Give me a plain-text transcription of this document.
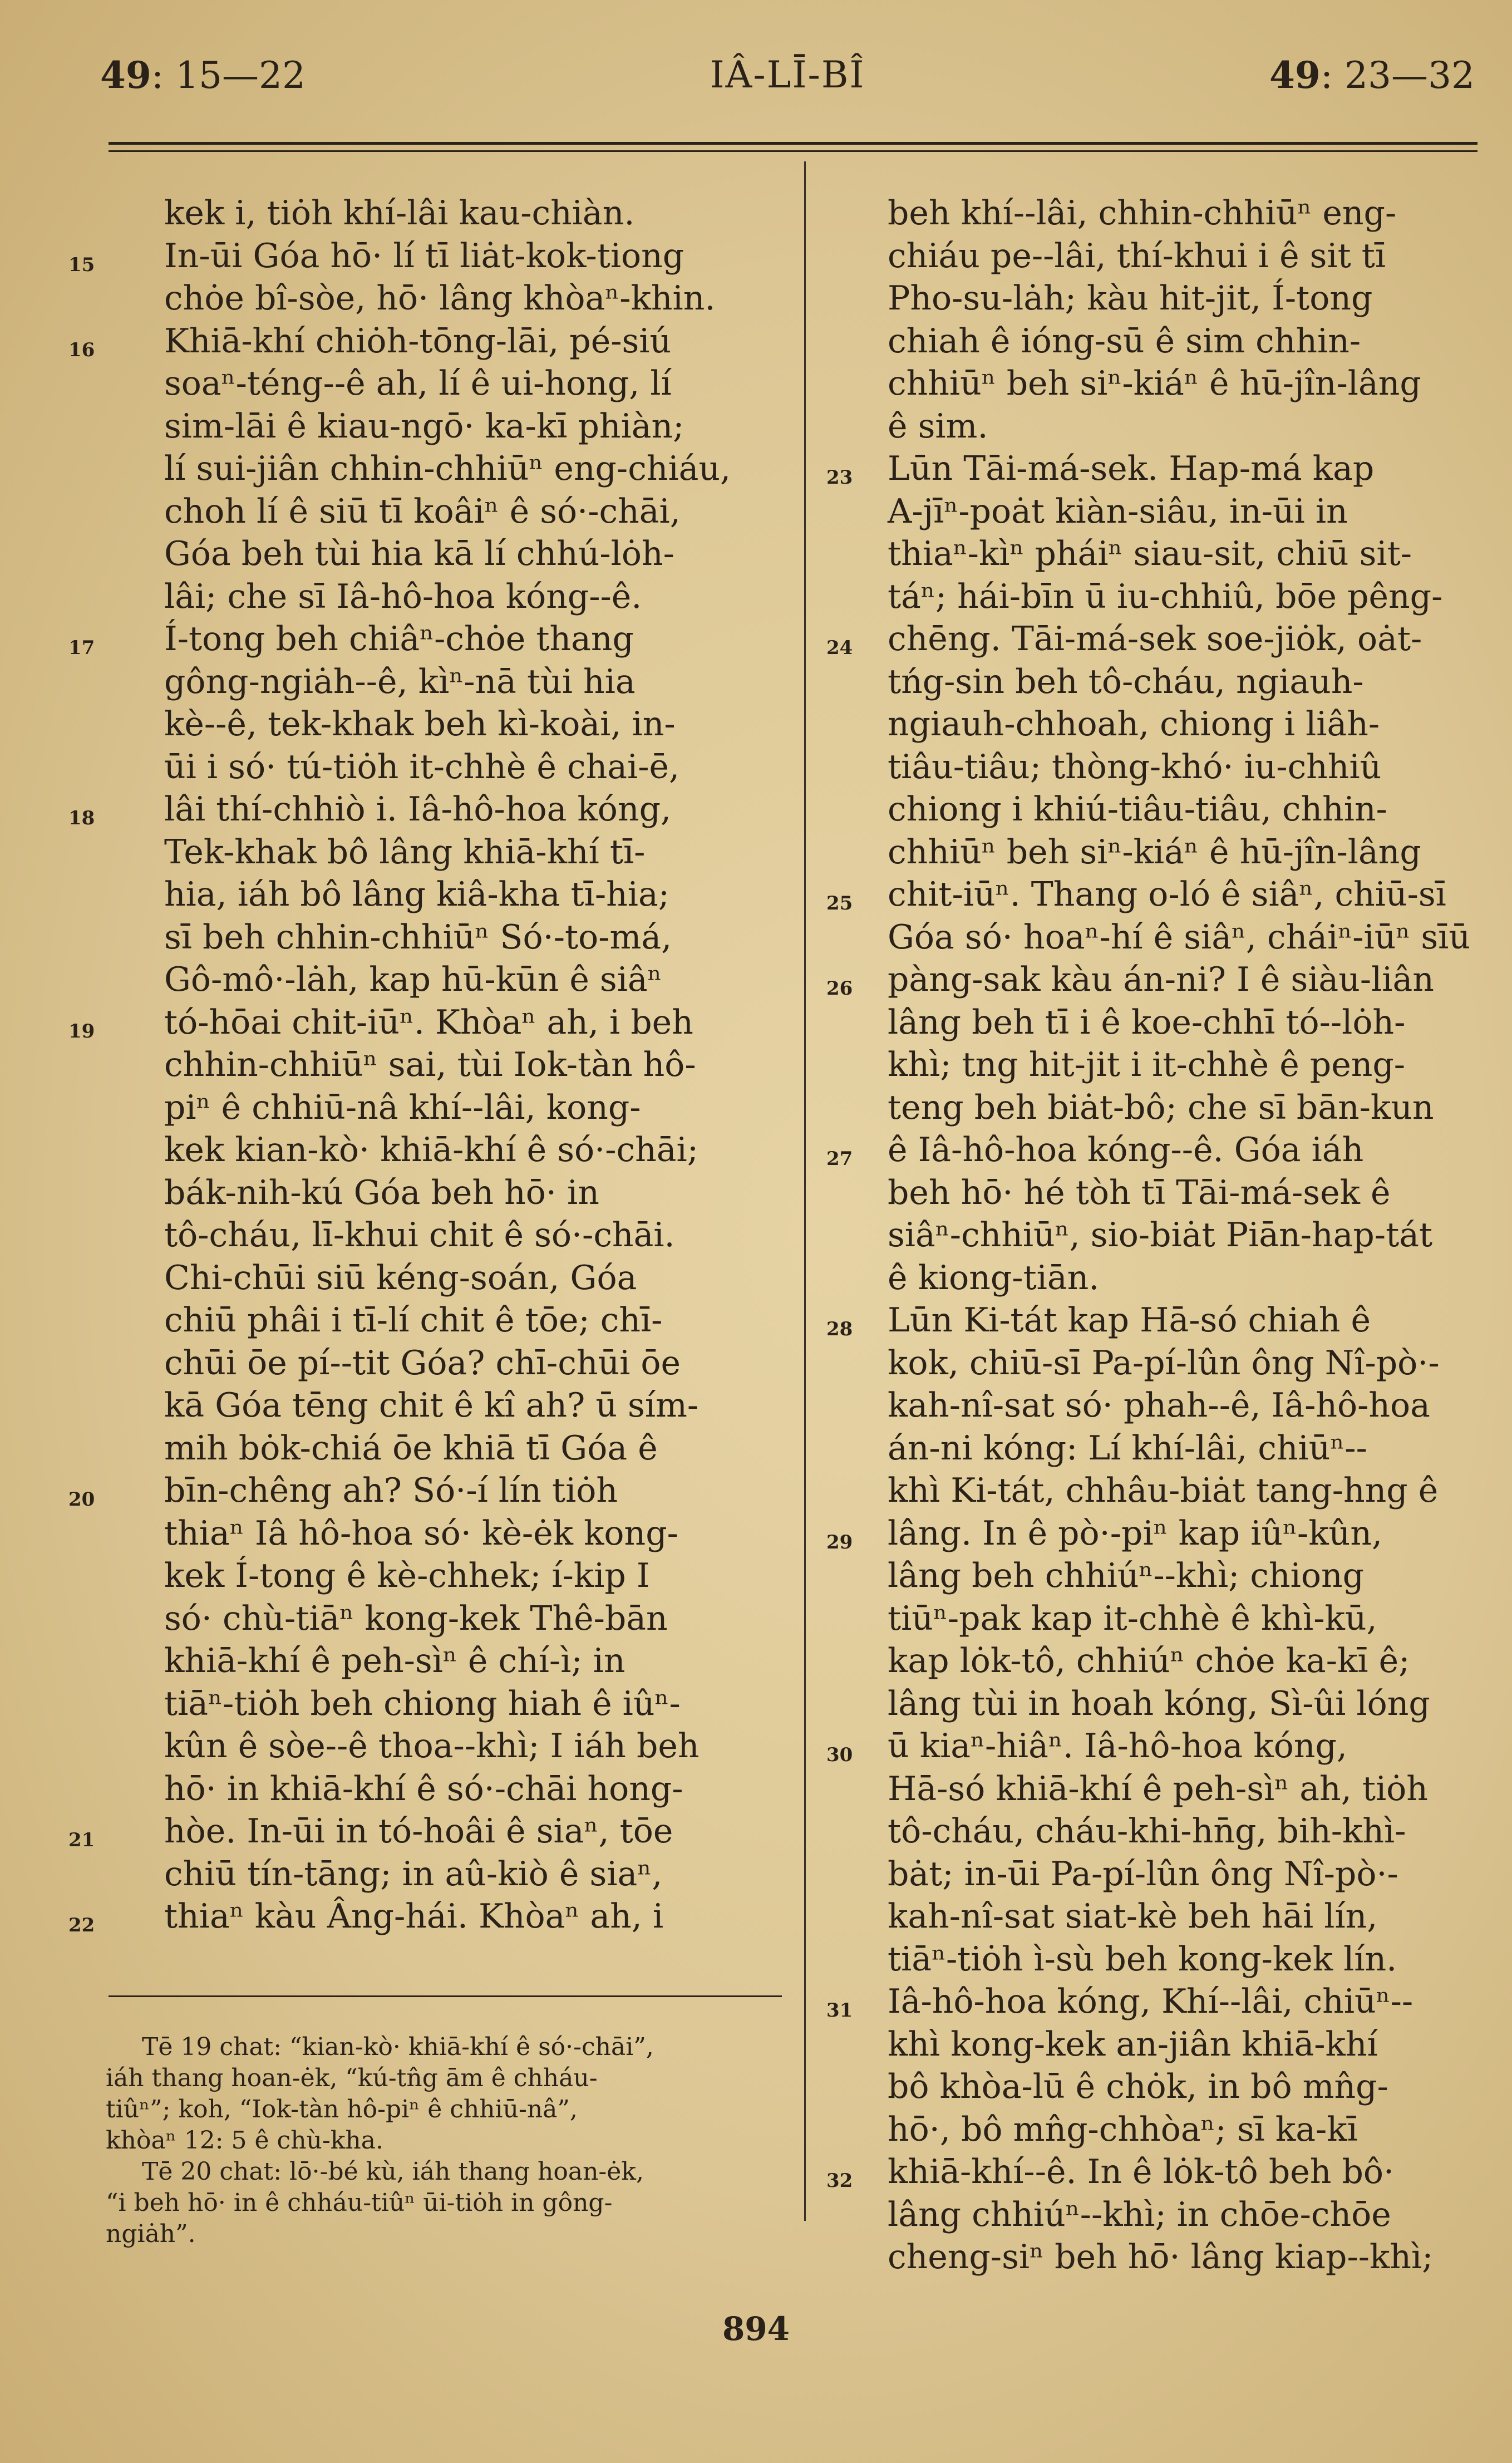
49: 15—22	IÂ-LĪ-BÎ	49: 23—32
kek i, tiȯh khí-lâi kau-chiàn.
15 In-ūi Góa hō· lí tī liȧt-kok-tiong
chȯe bî-sòe, hō· lâng khòaⁿ-khin.
16 Khiā-khí chiȯh-tōng-lāi, pé-siú
soaⁿ-téng--ê ah, lí ê ui-hong, lí
sim-lāi ê kiau-ngō· ka-kī phiàn;
lí sui-jiân chhin-chhiūⁿ eng-chiáu,
choh lí ê siū tī koâiⁿ ê só·-chāi,
Góa beh tùi hia kā lí chhú-lȯh-
lâi; che sī Iâ-hô-hoa kóng--ê.
17 Í-tong beh chiâⁿ-chȯe thang
gông-ngiȧh--ê, kìⁿ-nā tùi hia
kè--ê, tek-khak beh kì-koài, in-
ūi i só· tú-tiȯh it-chhè ê chai-ē,
18 lâi thí-chhiò i. Iâ-hô-hoa kóng,
Tek-khak bô lâng khiā-khí tī-
hia, iáh bô lâng kiâ-kha tī-hia;
sī beh chhin-chhiūⁿ Só·-to-má,
Gô-mô·-lȧh, kap hū-kūn ê siâⁿ
19 tó-hōai chit-iūⁿ. Khòaⁿ ah, i beh
chhin-chhiūⁿ sai, tùi Iok-tàn hô-
piⁿ ê chhiū-nâ khí--lâi, kong-
kek kian-kò· khiā-khí ê só·-chāi;
bák-nih-kú Góa beh hō· in
tô-cháu, lī-khui chit ê só·-chāi.
Chi-chūi siū kéng-soán, Góa
chiū phâi i tī-lí chit ê tōe; chī-
chūi ōe pí--tit Góa? chī-chūi ōe
kā Góa tēng chit ê kî ah? ū sím-
mih bȯk-chiá ōe khiā tī Góa ê
20 bīn-chêng ah? Só·-í lín tiȯh
thiaⁿ Iâ hô-hoa só· kè-ėk kong-
kek Í-tong ê kè-chhek; í-kip I
só· chù-tiāⁿ kong-kek Thê-bān
khiā-khí ê peh-sìⁿ ê chí-ì; in
tiāⁿ-tiȯh beh chiong hiah ê iûⁿ-
kûn ê sòe--ê thoa--khì; I iáh beh
hō· in khiā-khí ê só·-chāi hong-
21 hòe. In-ūi in tó-hoâi ê siaⁿ, tōe
chiū tín-tāng; in aû-kiò ê siaⁿ,
22 thiaⁿ kàu Âng-hái. Khòaⁿ ah, i
beh khí--lâi, chhin-chhiūⁿ eng-
chiáu pe--lâi, thí-khui i ê sit tī
Pho-su-lȧh; kàu hit-jit, Í-tong
chiah ê ióng-sū ê sim chhin-
chhiūⁿ beh siⁿ-kiáⁿ ê hū-jîn-lâng
ê sim.
23 Lūn Tāi-má-sek. Hap-má kap
A-jīⁿ-poȧt kiàn-siâu, in-ūi in
thiaⁿ-kìⁿ pháiⁿ siau-sit, chiū sit-
táⁿ; hái-bīn ū iu-chhiû, bōe pêng-
24 chēng. Tāi-má-sek soe-jiȯk, oȧt-
tńg-sin beh tô-cháu, ngiauh-
ngiauh-chhoah, chiong i liâh-
tiâu-tiâu; thòng-khó· iu-chhiû
chiong i khiú-tiâu-tiâu, chhin-
chhiūⁿ beh siⁿ-kiáⁿ ê hū-jîn-lâng
25 chit-iūⁿ. Thang o-ló ê siâⁿ, chiū-sī
Góa só· hoaⁿ-hí ê siâⁿ, cháiⁿ-iūⁿ sīū
26 pàng-sak kàu án-ni? I ê siàu-liân
lâng beh tī i ê koe-chhī tó--lȯh-
khì; tng hit-jit i it-chhè ê peng-
teng beh biȧt-bô; che sī bān-kun
27 ê Iâ-hô-hoa kóng--ê. Góa iáh
beh hō· hé tòh tī Tāi-má-sek ê
siâⁿ-chhiūⁿ, sio-biȧt Piān-hap-tát
ê kiong-tiān.
28 Lūn Ki-tát kap Hā-só chiah ê
kok, chiū-sī Pa-pí-lûn ông Nî-pò·-
kah-nî-sat só· phah--ê, Iâ-hô-hoa
án-ni kóng: Lí khí-lâi, chiūⁿ--
khì Ki-tát, chhâu-biȧt tang-hng ê
29 lâng. In ê pò·-piⁿ kap iûⁿ-kûn,
lâng beh chhiúⁿ--khì; chiong
tiūⁿ-pak kap it-chhè ê khì-kū,
kap lȯk-tô, chhiúⁿ chȯe ka-kī ê;
lâng tùi in hoah kóng, Sì-ûi lóng
30 ū kiaⁿ-hiâⁿ. Iâ-hô-hoa kóng,
Hā-só khiā-khí ê peh-sìⁿ ah, tiȯh
tô-cháu, cháu-khi-hn̄g, bih-khì-
bȧt; in-ūi Pa-pí-lûn ông Nî-pò·-
kah-nî-sat siat-kè beh hāi lín,
tiāⁿ-tiȯh ì-sù beh kong-kek lín.
31 Iâ-hô-hoa kóng, Khí--lâi, chiūⁿ--
khì kong-kek an-jiân khiā-khí
bô khòa-lū ê chȯk, in bô mn̂g-
hō·, bô mn̂g-chhòaⁿ; sī ka-kī
32 khiā-khí--ê. In ê lȯk-tô beh bô·
lâng chhiúⁿ--khì; in chōe-chōe
cheng-siⁿ beh hō· lâng kiap--khì;
Tē 19 chat: “kian-kò· khiā-khí ê só·-chāi”,
iáh thang hoan-ėk, “kú-tn̂g ām ê chháu-
tiûⁿ”; koh, “Iok-tàn hô-piⁿ ê chhiū-nâ”,
khòaⁿ 12: 5 ê chù-kha.
Tē 20 chat: lō·-bé kù, iáh thang hoan-ėk,
“i beh hō· in ê chháu-tiûⁿ ūi-tiȯh in gông-
ngiȧh”.
894
